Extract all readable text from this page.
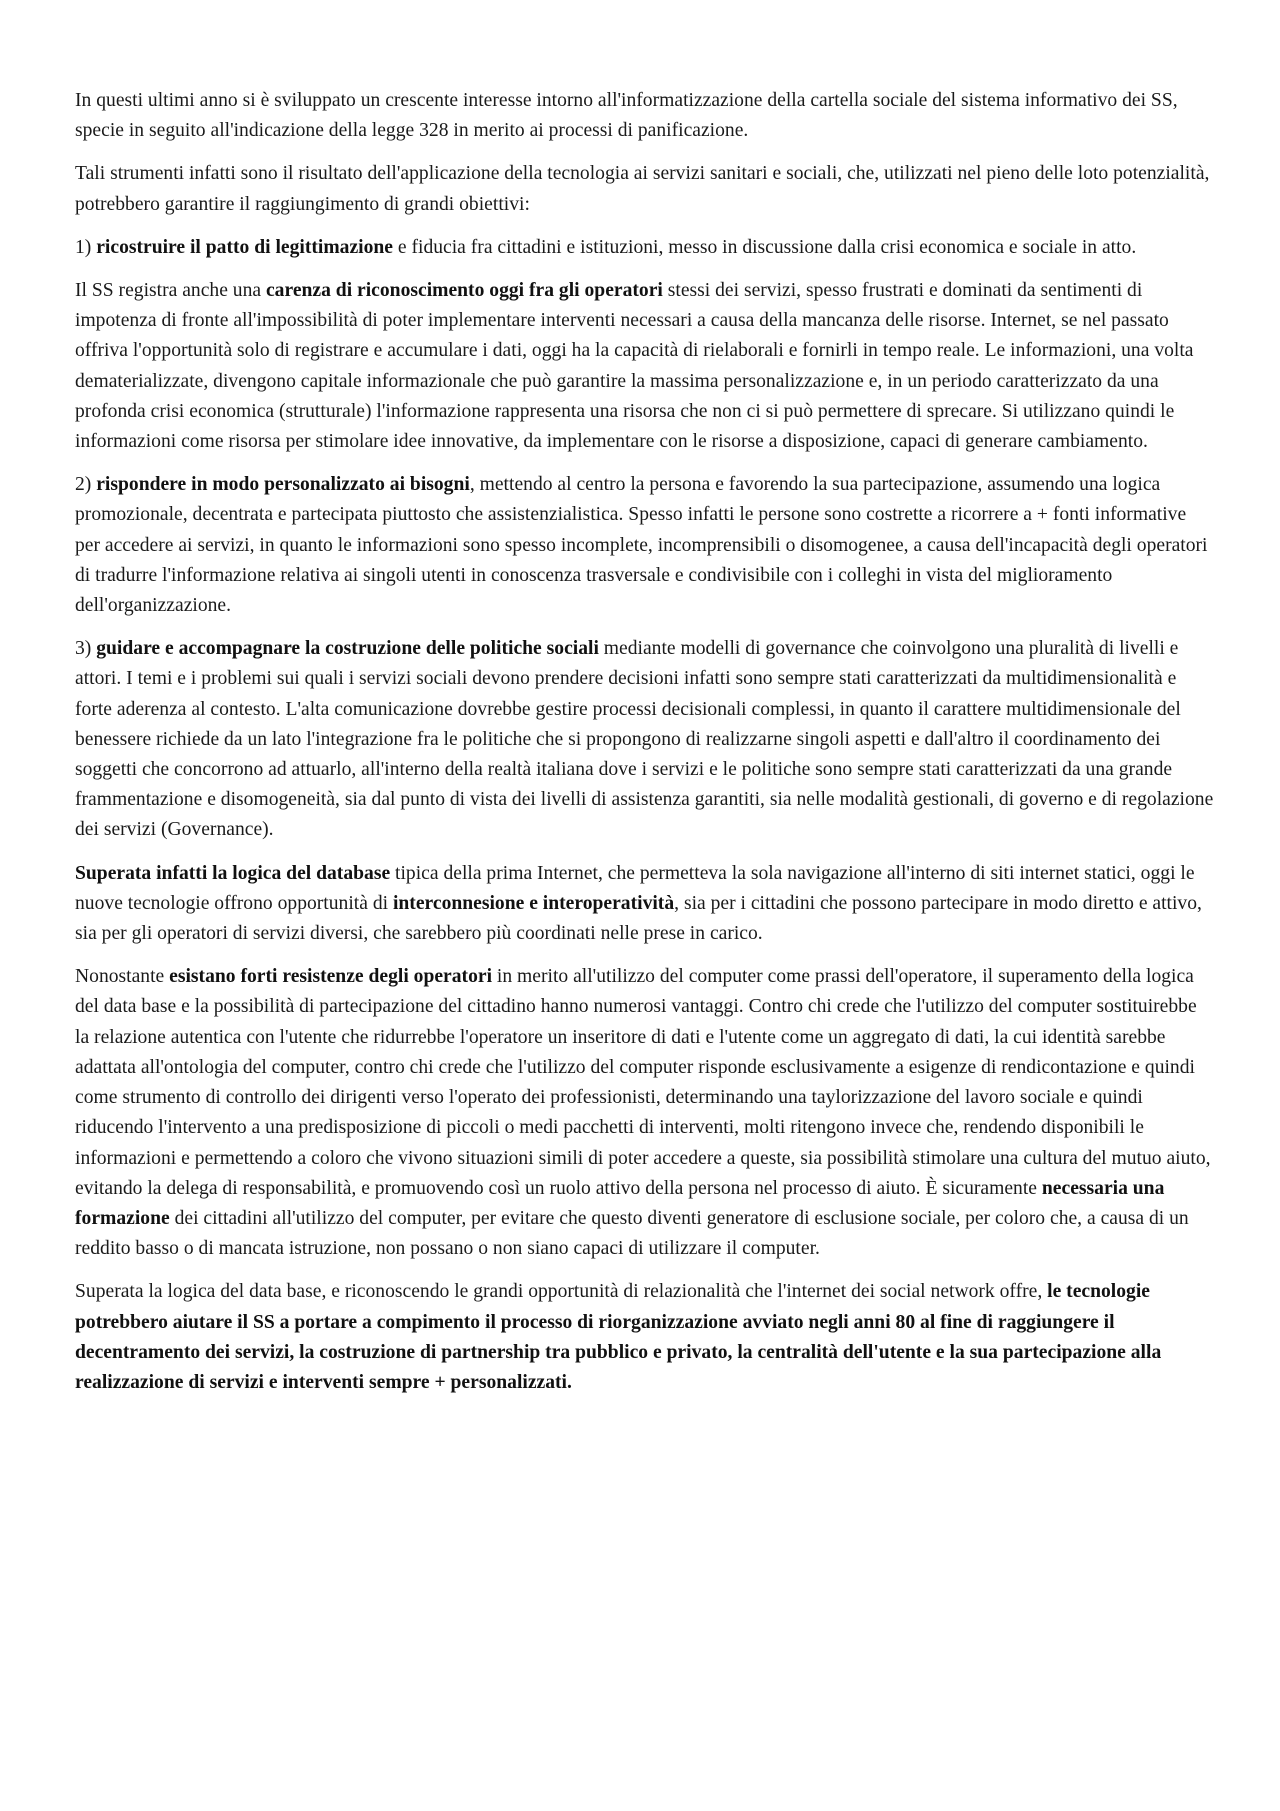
In questi ultimi anno si è sviluppato un crescente interesse intorno all'informatizzazione della cartella sociale del sistema informativo dei SS, specie in seguito all'indicazione della legge 328 in merito ai processi di panificazione.

Tali strumenti infatti sono il risultato dell'applicazione della tecnologia ai servizi sanitari e sociali, che, utilizzati nel pieno delle loto potenzialità, potrebbero garantire il raggiungimento di grandi obiettivi:

1) ricostruire il patto di legittimazione e fiducia fra cittadini e istituzioni, messo in discussione dalla crisi economica e sociale in atto.

Il SS registra anche una carenza di riconoscimento oggi fra gli operatori stessi dei servizi, spesso frustrati e dominati da sentimenti di impotenza di fronte all'impossibilità di poter implementare interventi necessari a causa della mancanza delle risorse. Internet, se nel passato offriva l'opportunità solo di registrare e accumulare i dati, oggi ha la capacità di rielaborali e fornirli in tempo reale. Le informazioni, una volta dematerializzate, divengono capitale informazionale che può garantire la massima personalizzazione e, in un periodo caratterizzato da una profonda crisi economica (strutturale) l'informazione rappresenta una risorsa che non ci si può permettere di sprecare. Si utilizzano quindi le informazioni come risorsa per stimolare idee innovative, da implementare con le risorse a disposizione, capaci di generare cambiamento.

2) rispondere in modo personalizzato ai bisogni, mettendo al centro la persona e favorendo la sua partecipazione, assumendo una logica promozionale, decentrata e partecipata piuttosto che assistenzialistica. Spesso infatti le persone sono costrette a ricorrere a + fonti informative per accedere ai servizi, in quanto le informazioni sono spesso incomplete, incomprensibili o disomogenee, a causa dell'incapacità degli operatori di tradurre l'informazione relativa ai singoli utenti in conoscenza trasversale e condivisibile con i colleghi in vista del miglioramento dell'organizzazione.

3) guidare e accompagnare la costruzione delle politiche sociali mediante modelli di governance che coinvolgono una pluralità di livelli e attori. I temi e i problemi sui quali i servizi sociali devono prendere decisioni infatti sono sempre stati caratterizzati da multidimensionalità e forte aderenza al contesto. L'alta comunicazione dovrebbe gestire processi decisionali complessi, in quanto il carattere multidimensionale del benessere richiede da un lato l'integrazione fra le politiche che si propongono di realizzarne singoli aspetti e dall'altro il coordinamento dei soggetti che concorrono ad attuarlo, all'interno della realtà italiana dove i servizi e le politiche sono sempre stati caratterizzati da una grande frammentazione e disomogeneità, sia dal punto di vista dei livelli di assistenza garantiti, sia nelle modalità gestionali, di governo e di regolazione dei servizi (Governance).

Superata infatti la logica del database tipica della prima Internet, che permetteva la sola navigazione all'interno di siti internet statici, oggi le nuove tecnologie offrono opportunità di interconnesione e interoperatività, sia per i cittadini che possono partecipare in modo diretto e attivo, sia per gli operatori di servizi diversi, che sarebbero più coordinati nelle prese in carico.

Nonostante esistano forti resistenze degli operatori in merito all'utilizzo del computer come prassi dell'operatore, il superamento della logica del data base e la possibilità di partecipazione del cittadino hanno numerosi vantaggi. Contro chi crede che l'utilizzo del computer sostituirebbe la relazione autentica con l'utente che ridurrebbe l'operatore un inseritore di dati e l'utente come un aggregato di dati, la cui identità sarebbe adattata all'ontologia del computer, contro chi crede che l'utilizzo del computer risponde esclusivamente a esigenze di rendicontazione e quindi come strumento di controllo dei dirigenti verso l'operato dei professionisti, determinando una taylorizzazione del lavoro sociale e quindi riducendo l'intervento a una predisposizione di piccoli o medi pacchetti di interventi, molti ritengono invece che, rendendo disponibili le informazioni e permettendo a coloro che vivono situazioni simili di poter accedere a queste, sia possibilità stimolare una cultura del mutuo aiuto, evitando la delega di responsabilità, e promuovendo così un ruolo attivo della persona nel processo di aiuto. È sicuramente necessaria una formazione dei cittadini all'utilizzo del computer, per evitare che questo diventi generatore di esclusione sociale, per coloro che, a causa di un reddito basso o di mancata istruzione, non possano o non siano capaci di utilizzare il computer.

Superata la logica del data base, e riconoscendo le grandi opportunità di relazionalità che l'internet dei social network offre, le tecnologie potrebbero aiutare il SS a portare a compimento il processo di riorganizzazione avviato negli anni 80 al fine di raggiungere il decentramento dei servizi, la costruzione di partnership tra pubblico e privato, la centralità dell'utente e la sua partecipazione alla realizzazione di servizi e interventi sempre + personalizzati.
